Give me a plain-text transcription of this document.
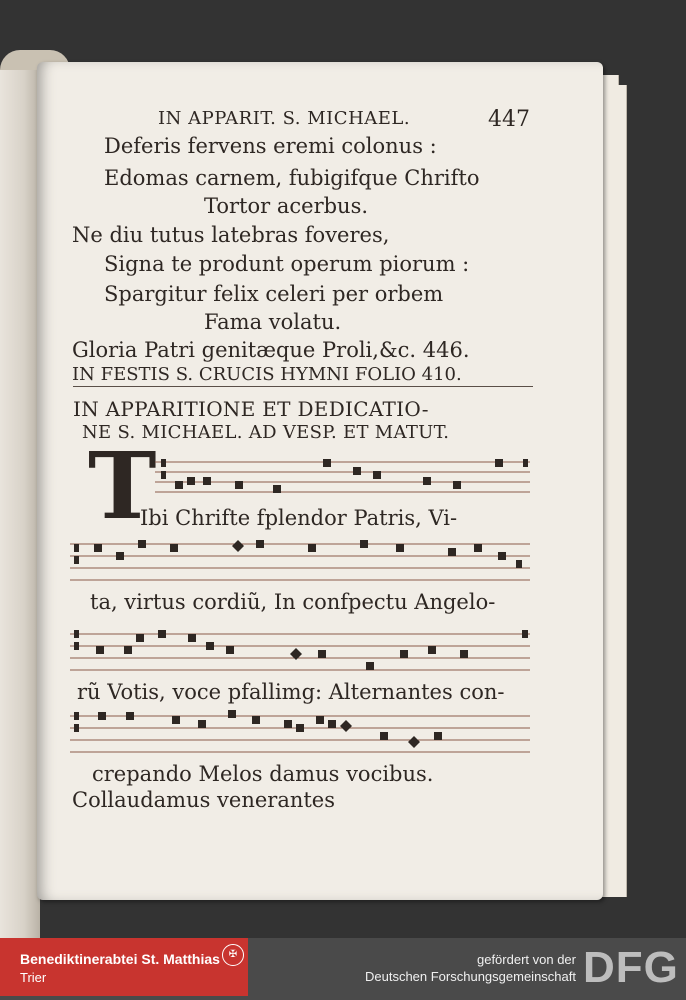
IN APPARIT. S. MICHAEL.	447
Deferis fervens eremi colonus :
Edomas carnem, fubigifque Chrifto
Tortor acerbus.
Ne diu tutus latebras foveres,
Signa te produnt operum piorum :
Spargitur felix celeri per orbem
Fama volatu.
Gloria Patri genitæque Proli,&c. 446.
IN FESTIS S. CRUCIS HYMNI FOLIO 410.
IN APPARITIONE ET DEDICATIO-
NE S. MICHAEL. AD VESP. ET MATUT.
T
Ibi Chrifte fplendor Patris, Vi-
ta, virtus cordiũ, In confpectu Angelo-
rũ Votis, voce pfallimg: Alternantes con-
crepando Melos damus vocibus.
Collaudamus venerantes
Benediktinerabtei St. Matthias
Trier
✠	gefördert von der
Deutschen Forschungsgemeinschaft DFG
